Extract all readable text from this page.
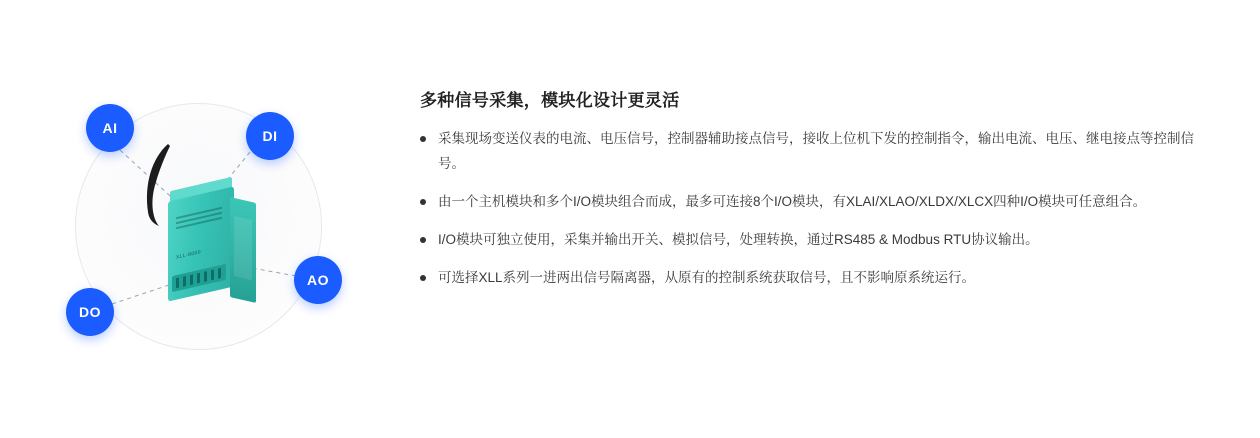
XLL-8000
AI	DI
AO
DO
多种信号采集，模块化设计更灵活
采集现场变送仪表的电流、电压信号，控制器辅助接点信号，接收上位机下发的控制指令，输出电流、电压、继电接点等控制信号。
由一个主机模块和多个I/O模块组合而成，最多可连接8个I/O模块，有XLAI/XLAO/XLDX/XLCX四种I/O模块可任意组合。
I/O模块可独立使用，采集并输出开关、模拟信号，处理转换，通过RS485 & Modbus RTU协议输出。
可选择XLL系列一进两出信号隔离器，从原有的控制系统获取信号，且不影响原系统运行。
